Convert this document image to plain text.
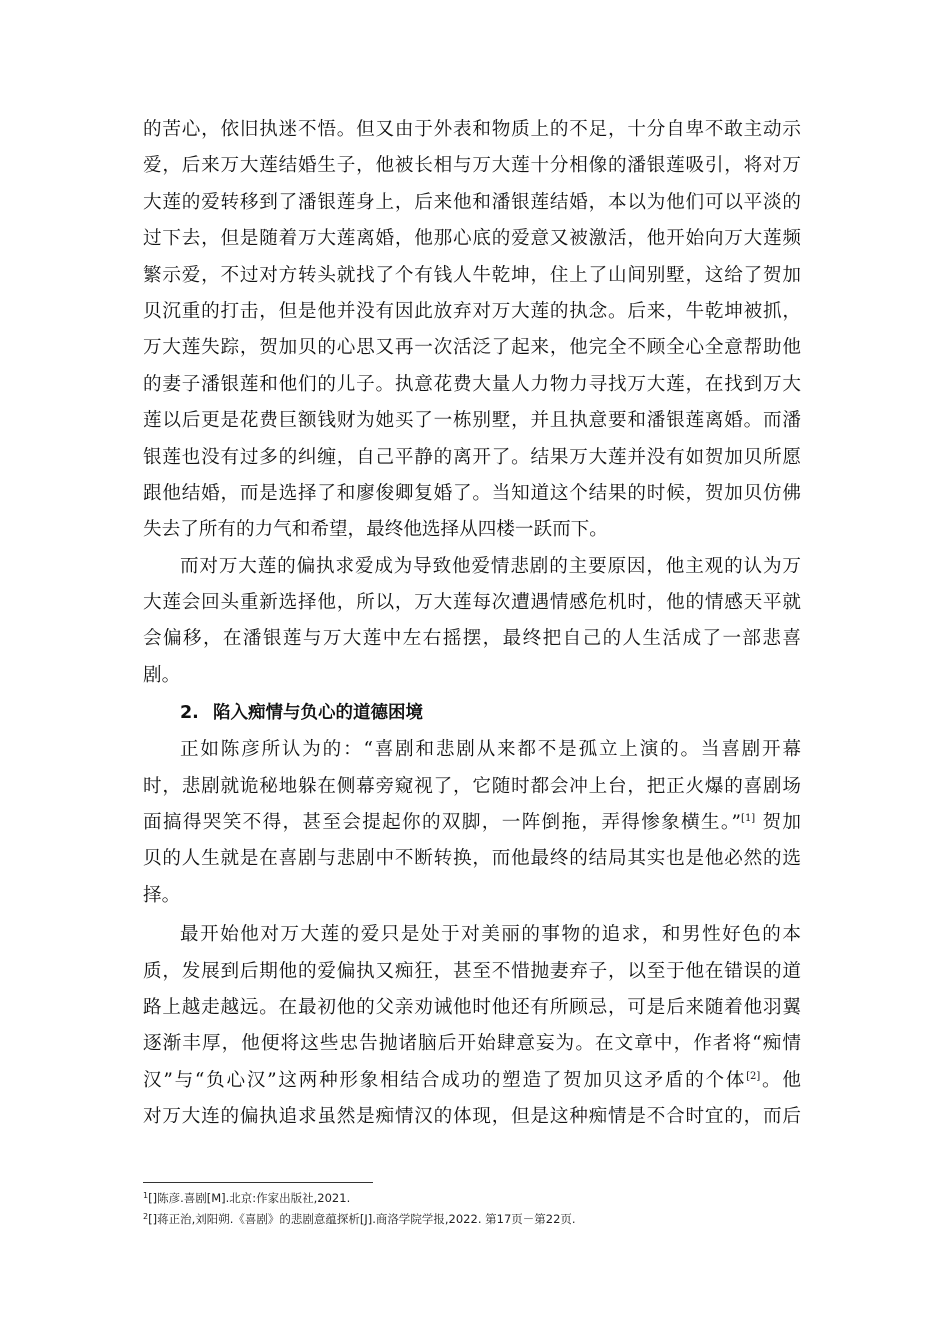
的苦心，依旧执迷不悟。但又由于外表和物质上的不足，十分自卑不敢主动示
爱，后来万大莲结婚生子，他被长相与万大莲十分相像的潘银莲吸引，将对万
大莲的爱转移到了潘银莲身上，后来他和潘银莲结婚，本以为他们可以平淡的
过下去，但是随着万大莲离婚，他那心底的爱意又被激活，他开始向万大莲频
繁示爱，不过对方转头就找了个有钱人牛乾坤，住上了山间别墅，这给了贺加
贝沉重的打击，但是他并没有因此放弃对万大莲的执念。后来，牛乾坤被抓，
万大莲失踪，贺加贝的心思又再一次活泛了起来，他完全不顾全心全意帮助他
的妻子潘银莲和他们的儿子。执意花费大量人力物力寻找万大莲，在找到万大
莲以后更是花费巨额钱财为她买了一栋别墅，并且执意要和潘银莲离婚。而潘
银莲也没有过多的纠缠，自己平静的离开了。结果万大莲并没有如贺加贝所愿
跟他结婚，而是选择了和廖俊卿复婚了。当知道这个结果的时候，贺加贝仿佛
失去了所有的力气和希望，最终他选择从四楼一跃而下。
而对万大莲的偏执求爱成为导致他爱情悲剧的主要原因，他主观的认为万
大莲会回头重新选择他，所以，万大莲每次遭遇情感危机时，他的情感天平就
会偏移，在潘银莲与万大莲中左右摇摆，最终把自己的人生活成了一部悲喜
剧。
2. 陷入痴情与负心的道德困境
正如陈彦所认为的：“喜剧和悲剧从来都不是孤立上演的。当喜剧开幕
时，悲剧就诡秘地躲在侧幕旁窥视了，它随时都会冲上台，把正火爆的喜剧场
面搞得哭笑不得，甚至会提起你的双脚，一阵倒拖，弄得惨象横生。”[1] 贺加
贝的人生就是在喜剧与悲剧中不断转换，而他最终的结局其实也是他必然的选
择。
最开始他对万大莲的爱只是处于对美丽的事物的追求，和男性好色的本
质，发展到后期他的爱偏执又痴狂，甚至不惜抛妻弃子，以至于他在错误的道
路上越走越远。在最初他的父亲劝诫他时他还有所顾忌，可是后来随着他羽翼
逐渐丰厚，他便将这些忠告抛诸脑后开始肆意妄为。在文章中，作者将“痴情
汉”与“负心汉”这两种形象相结合成功的塑造了贺加贝这矛盾的个体[2]。他
对万大连的偏执追求虽然是痴情汉的体现，但是这种痴情是不合时宜的，而后
$^1$[]陈彦.喜剧[M].北京:作家出版社,2021.
$^2$[]蒋正治,刘阳朔.《喜剧》的悲剧意蕴探析[J].商洛学院学报,2022. 第17页－第22页.
